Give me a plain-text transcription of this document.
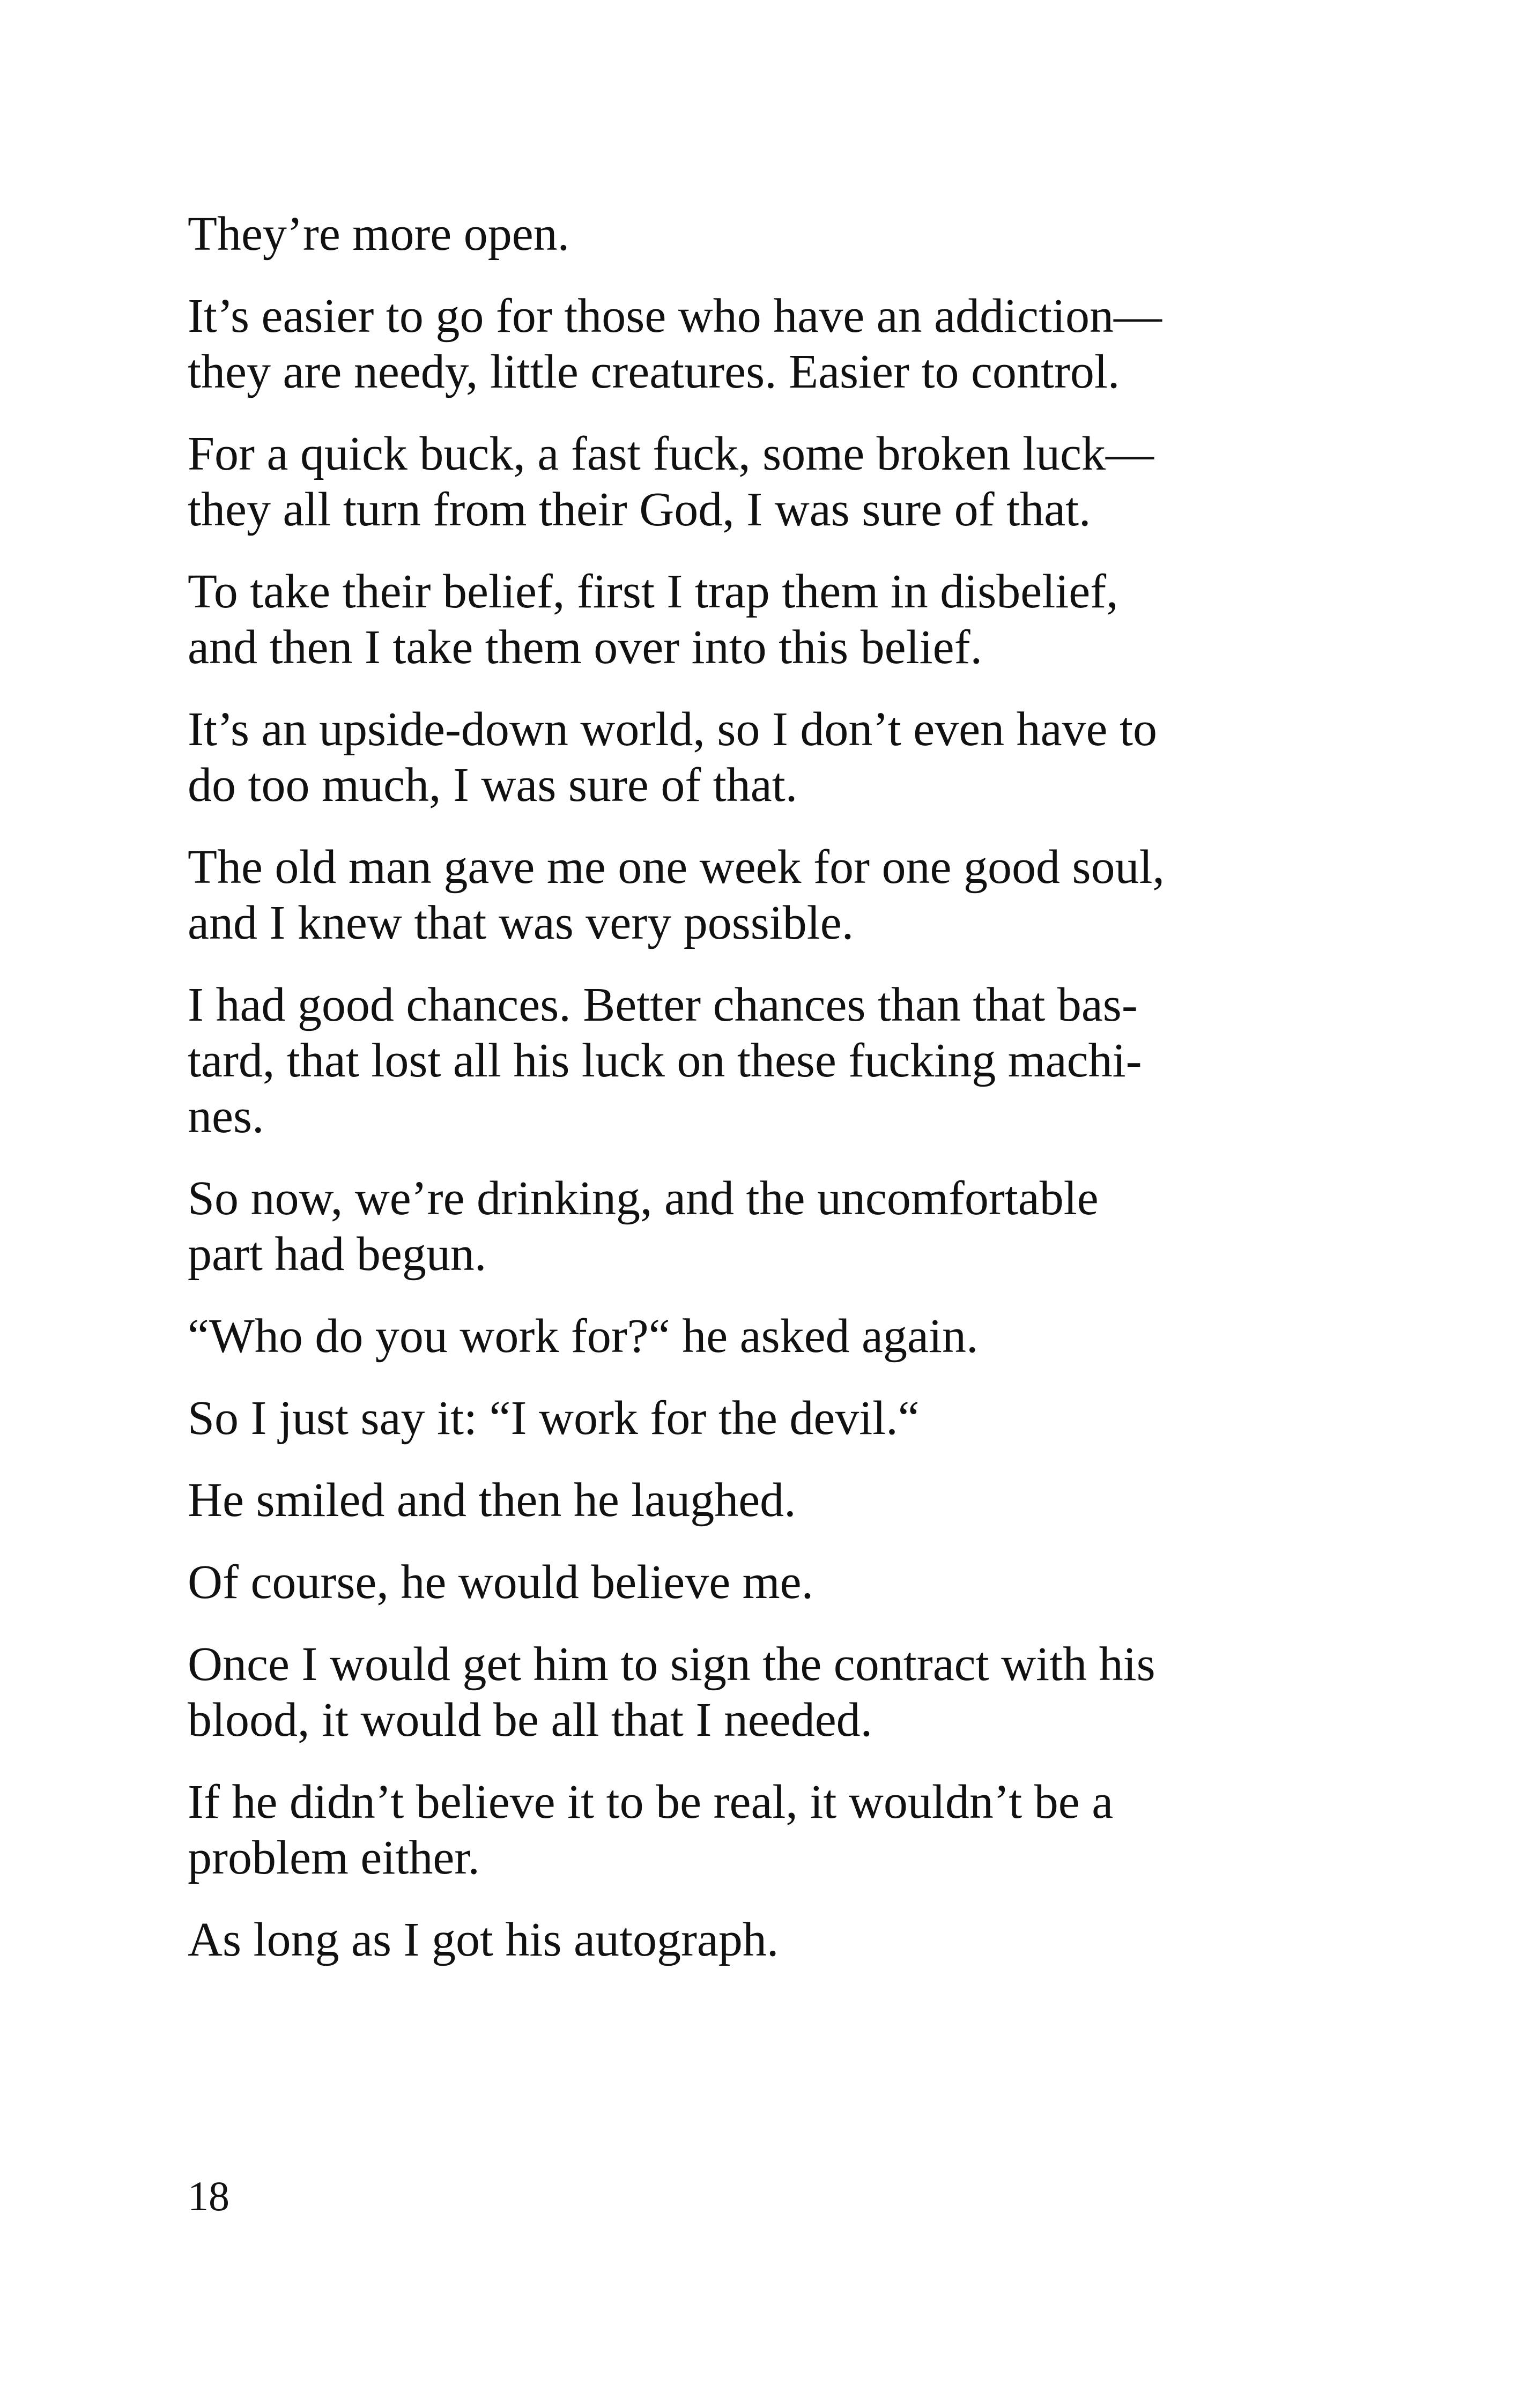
They’re more open.

It’s easier to go for those who have an addiction—
they are needy, little creatures. Easier to control.

For a quick buck, a fast fuck, some broken luck—
they all turn from their God, I was sure of that.

To take their belief, first I trap them in disbelief,
and then I take them over into this belief.

It’s an upside-down world, so I don’t even have to
do too much, I was sure of that.

The old man gave me one week for one good soul,
and I knew that was very possible.

I had good chances. Better chances than that bas-
tard, that lost all his luck on these fucking machi-
nes.

So now, we’re drinking, and the uncomfortable
part had begun.

“Who do you work for?“ he asked again.

So I just say it: “I work for the devil.“

He smiled and then he laughed.

Of course, he would believe me.

Once I would get him to sign the contract with his
blood, it would be all that I needed.

If he didn’t believe it to be real, it wouldn’t be a
problem either.

As long as I got his autograph.

18
